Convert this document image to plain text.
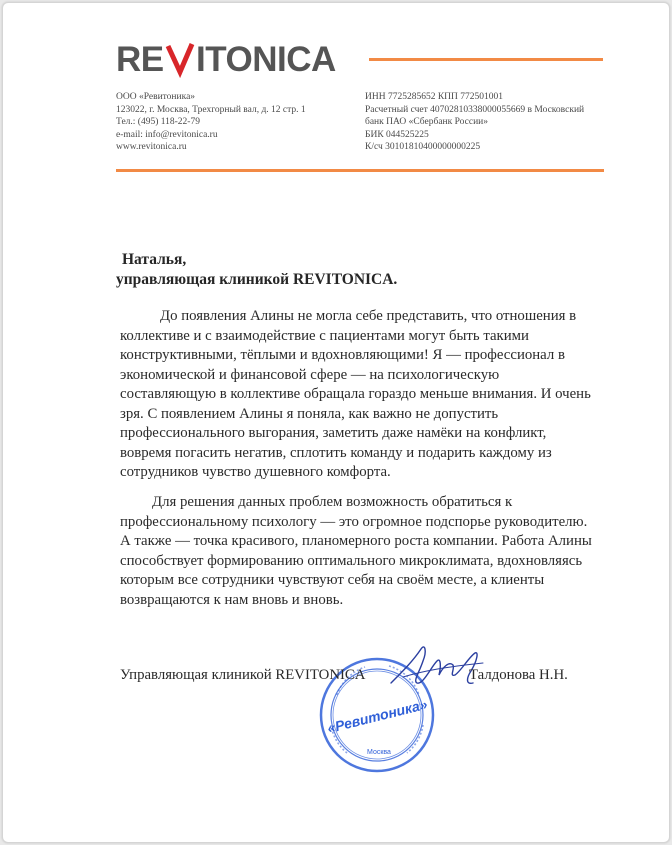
RE ITONICA
ООО «Ревитоника»
123022, г. Москва, Трехгорный вал, д. 12 стр. 1
Тел.: (495) 118-22-79
e-mail: info@revitonica.ru
www.revitonica.ru
ИНН 7725285652 КПП 772501001
Расчетный счет 40702810338000055669 в Московский
банк ПАО «Сбербанк России»
БИК 044525225
К/сч 30101810400000000225
Наталья,
управляющая клиникой REVITONICA.
До появления Алины не могла себе представить, что отношения в
коллективе и с взаимодействие с пациентами могут быть такими
конструктивными, тёплыми и вдохновляющими! Я — профессионал в
экономической и финансовой сфере — на психологическую
составляющую в коллективе обращала гораздо меньше внимания. И очень
зря. С появлением Алины я поняла, как важно не допустить
профессионального выгорания, заметить даже намёки на конфликт,
вовремя погасить негатив, сплотить команду и подарить каждому из
сотрудников чувство душевного комфорта.
Для решения данных проблем возможность обратиться к
профессиональному психологу — это огромное подспорье руководителю.
А также — точка красивого, планомерного роста компании. Работа Алины
способствует формированию оптимального микроклимата, вдохновляясь
которым все сотрудники чувствуют себя на своём месте, а клиенты
возвращаются к нам вновь и вновь.
«Ревитоника»
Москва
Управляющая клиникой REVITONICA	Талдонова Н.Н.
